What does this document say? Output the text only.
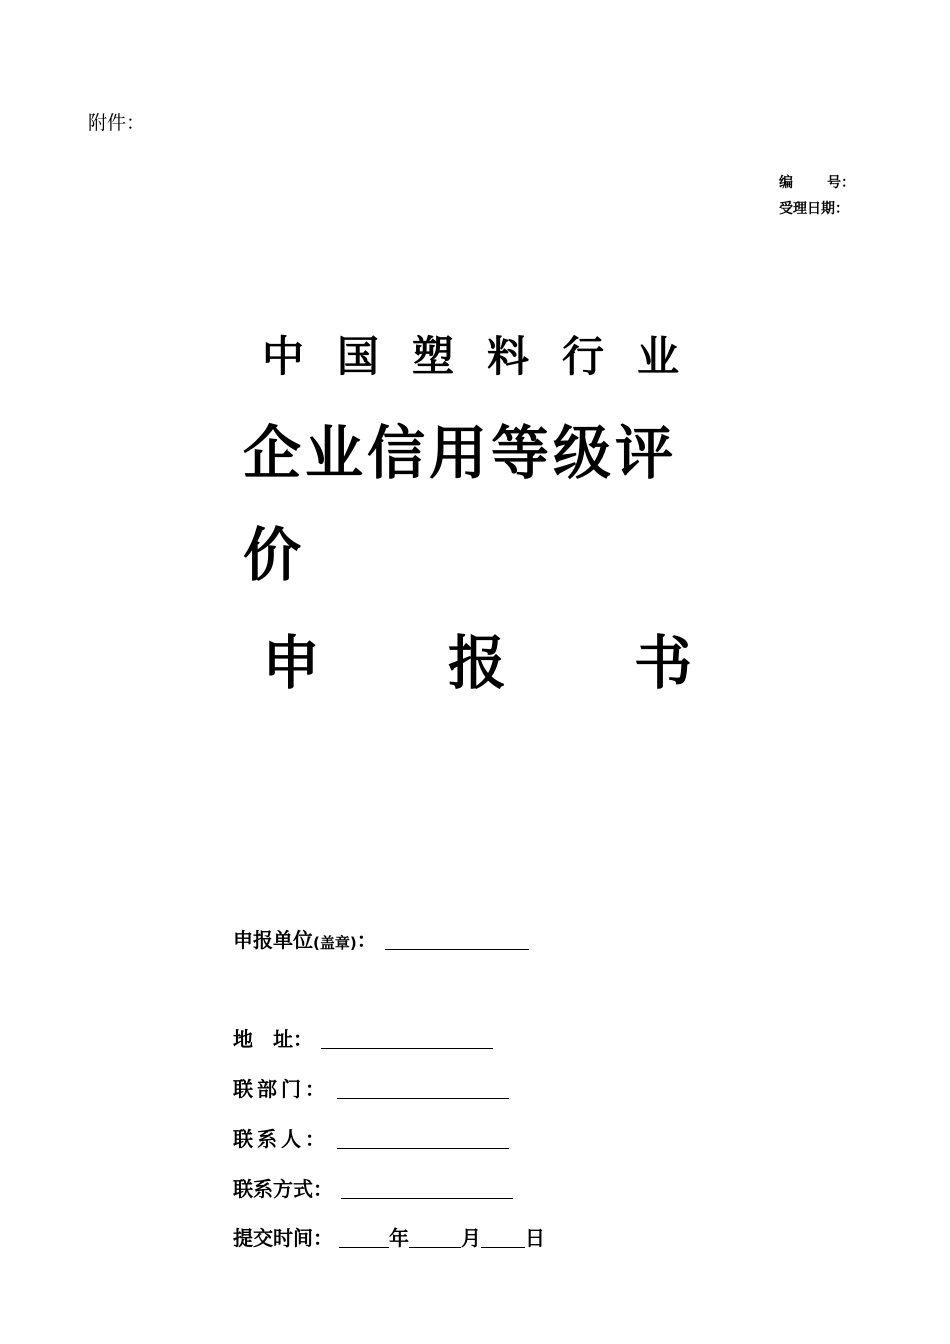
附件：
编 号：
受理日期：
中国塑料行业
企业信用等级评
价
申 报 书
申报单位 (盖章) ：
地　址：
联部门：
联系人：
联系方式：
提交时间：	年	月 日
